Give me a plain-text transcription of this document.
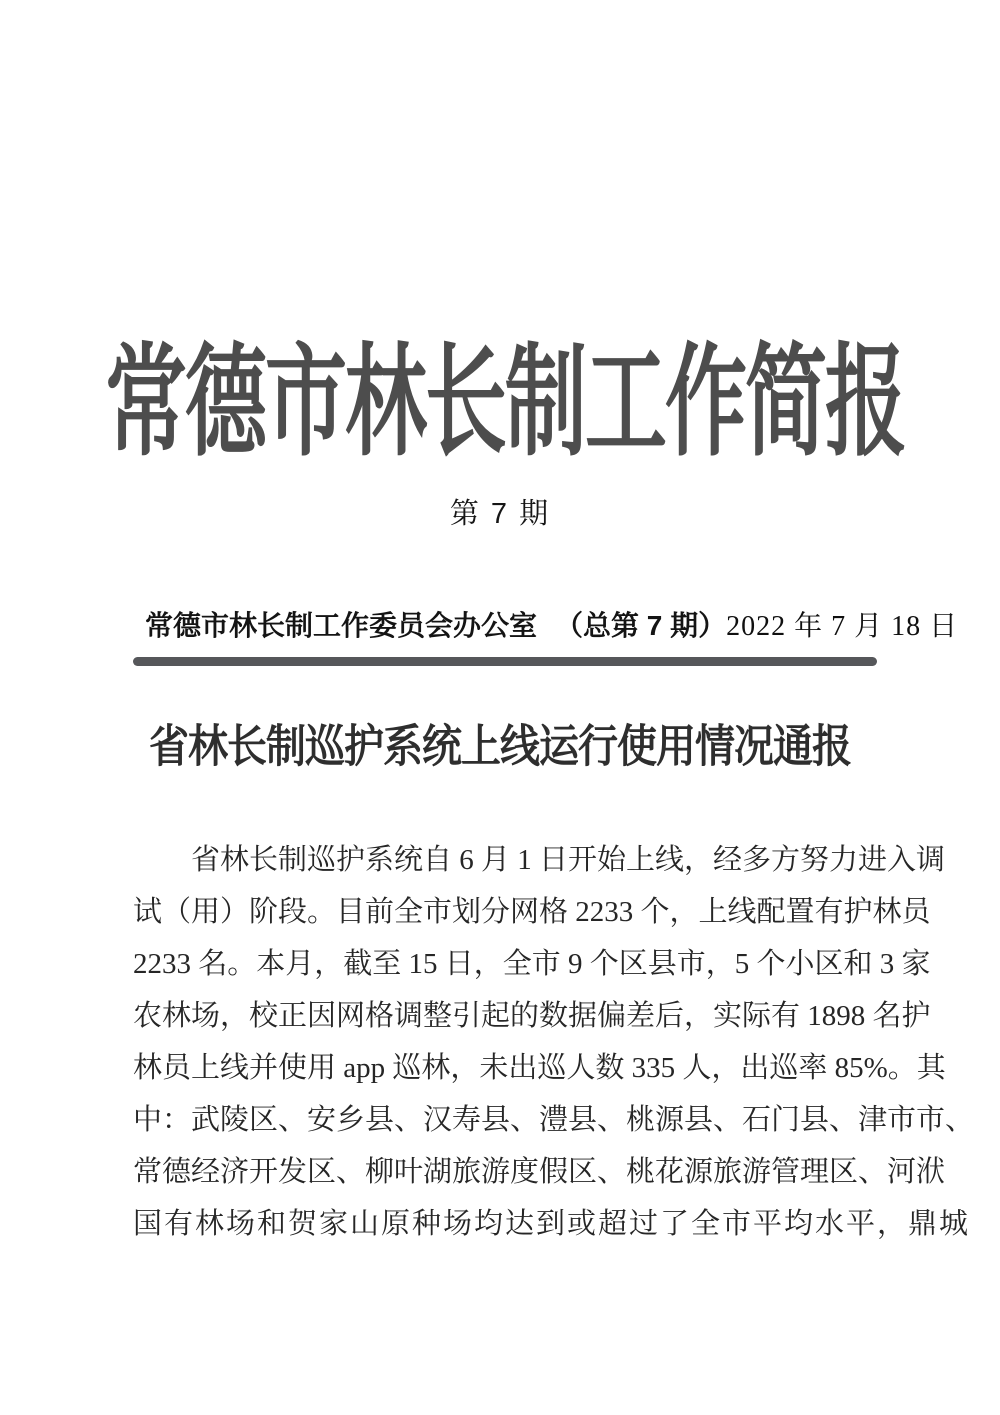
常德市林长制工作简报
第 7 期
常德市林长制工作委员会办公室 （总第 7 期） 2022 年 7 月 18 日
省林长制巡护系统上线运行使用情况通报
省林长制巡护系统自 6 月 1 日开始上线，经多方努力进入调
试（用）阶段。目前全市划分网格 2233 个，上线配置有护林员
2233 名。本月，截至 15 日，全市 9 个区县市，5 个小区和 3 家
农林场，校正因网格调整引起的数据偏差后，实际有 1898 名护
林员上线并使用 app 巡林，未出巡人数 335 人，出巡率 85%。其
中：武陵区、安乡县、汉寿县、澧县、桃源县、石门县、津市市、
常德经济开发区、柳叶湖旅游度假区、桃花源旅游管理区、河洑
国有林场和贺家山原种场均达到或超过了全市平均水平，鼎城
